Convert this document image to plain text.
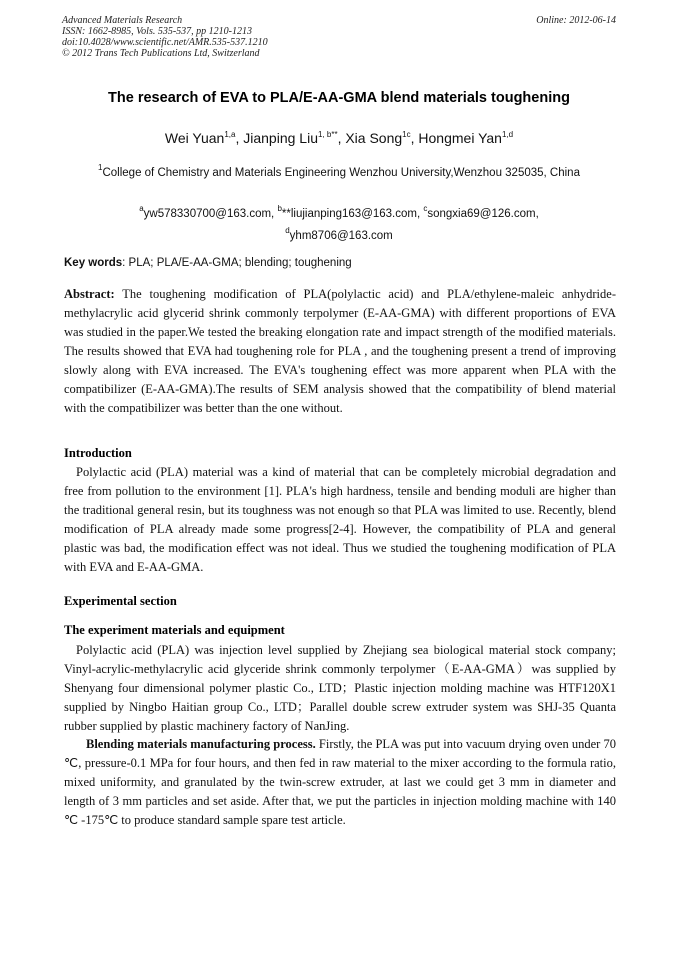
Advanced Materials Research
ISSN: 1662-8985, Vols. 535-537, pp 1210-1213
doi:10.4028/www.scientific.net/AMR.535-537.1210
© 2012 Trans Tech Publications Ltd, Switzerland
Online: 2012-06-14
The research of EVA to PLA/E-AA-GMA blend materials toughening
Wei Yuan$^{1,a}$, Jianping Liu$^{1, b**}$, Xia Song$^{1c}$, Hongmei Yan$^{1,d}$
$^1$College of Chemistry and Materials Engineering Wenzhou University,Wenzhou 325035, China
$^a$yw578330700@163.com, $^b$**liujianping163@163.com, $^c$songxia69@126.com,
$^d$yhm8706@163.com
Key words: PLA; PLA/E-AA-GMA; blending; toughening
Abstract: The toughening modification of PLA(polylactic acid) and PLA/ethylene-maleic anhydride-methylacrylic acid glycerid shrink commonly terpolymer (E-AA-GMA) with different proportions of EVA was studied in the paper.We tested the breaking elongation rate and impact strength of the modified materials. The results showed that EVA had toughening role for PLA , and the toughening present a trend of improving slowly along with EVA increased. The EVA's toughening effect was more apparent when PLA with the compatibilizer (E-AA-GMA).The results of SEM analysis showed that the compatibility of blend material with the compatibilizer was better than the one without.
Introduction
Polylactic acid (PLA) material was a kind of material that can be completely microbial degradation and free from pollution to the environment [1]. PLA's high hardness, tensile and bending moduli are higher than the traditional general resin, but its toughness was not enough so that PLA was limited to use. Recently, blend modification of PLA already made some progress[2-4]. However, the compatibility of PLA and general plastic was bad, the modification effect was not ideal. Thus we studied the toughening modification of PLA with EVA and E-AA-GMA.
Experimental section
The experiment materials and equipment
Polylactic acid (PLA) was injection level supplied by Zhejiang sea biological material stock company; Vinyl-acrylic-methylacrylic acid glyceride shrink commonly terpolymer（E-AA-GMA）was supplied by Shenyang four dimensional polymer plastic Co., LTD；Plastic injection molding machine was HTF120X1 supplied by Ningbo Haitian group Co., LTD；Parallel double screw extruder system was SHJ-35 Quanta rubber supplied by plastic machinery factory of NanJing.
Blending materials manufacturing process. Firstly, the PLA was put into vacuum drying oven under 70 ℃, pressure-0.1 MPa for four hours, and then fed in raw material to the mixer according to the formula ratio, mixed uniformity, and granulated by the twin-screw extruder, at last we could get 3 mm in diameter and length of 3 mm particles and set aside. After that, we put the particles in injection molding machine with 140 ℃ -175℃ to produce standard sample spare test article.
